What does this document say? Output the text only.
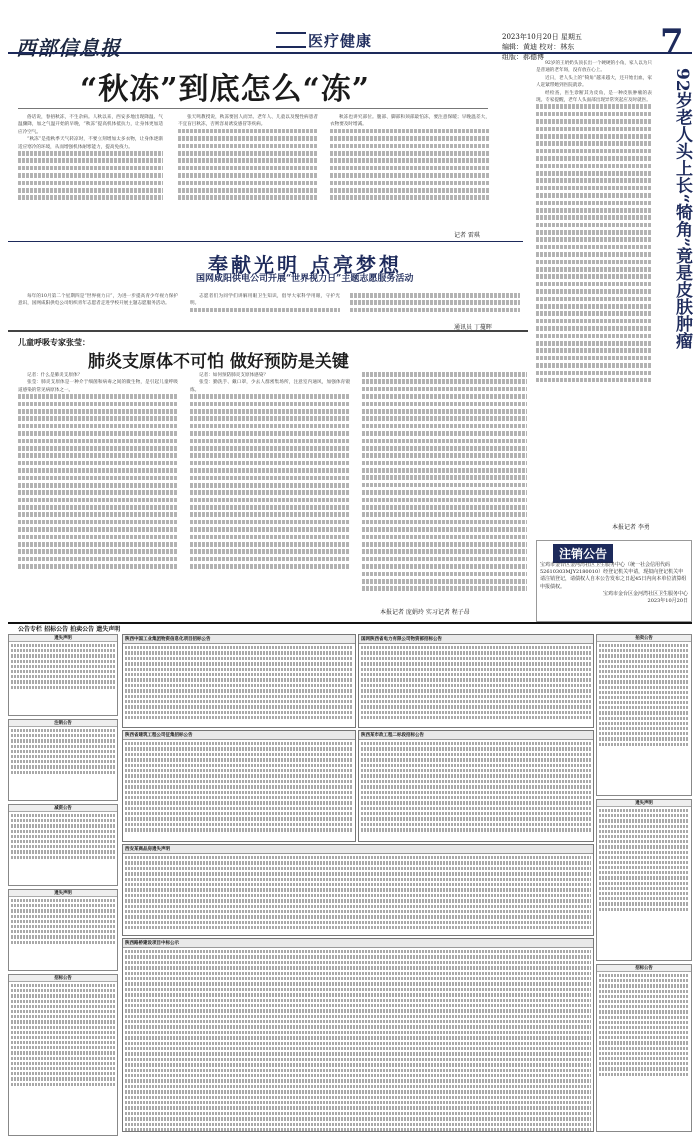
西部信息报	医疗健康	2023年10月20日 星期五
编辑：黄迪 校对：林东
组版：郝德博	7
“秋冻”到底怎么“冻”

俗话说，春捂秋冻，不生杂病。人秋以来，西安多地出现降温、气温骤降，加之气温开始的早晚，“秋冻”提高机体抵抗力，让身体更加适应冷空气。

“秋冻”是指秋季天气转凉时，不要立刻增加太多衣物，让身体逐渐适应寒冷的环境，从而增强机体耐寒能力，提高免疫力。

张天鸣教授说，秋冻要因人而异。老年人、儿童以及慢性病患者不宜盲目秋冻，否则容易诱发感冒等疾病。

秋冻也讲究部位。腹部、脚部和颈部最怕冻，要注意保暖；早晚温差大，衣物要及时增减。

记者 雷琪

92岁的王奶奶头顶长出一个硬硬的小角，家人以为只是普通的老年斑，没有放在心上。

近日，老人头上的“犄角”越来越大，还开始出血，家人赶紧带她到医院就诊。

经检查，医生诊断其为皮角，是一种皮肤肿瘤的表现。专家提醒，老年人头面部出现异常突起应及时就医。	92岁老人头上长“犄角”竟是皮肤肿瘤
本报记者 李勇
奉献光明 点亮梦想
国网咸阳供电公司开展“世界视力日”主题志愿服务活动

每年的10月第二个星期四是“世界视力日”，为进一步提高青少年视力保护意识，国网咸阳供电公司组织青年志愿者走进学校开展主题志愿服务活动。

志愿者们为同学们讲解用眼卫生知识，倡导大家科学用眼，守护光明。

通讯员 丁蔓晖
儿童呼吸专家张莹：
肺炎支原体不可怕 做好预防是关键

记者：什么是肺炎支原体？

张莹：肺炎支原体是一种介于细菌和病毒之间的微生物，是引起儿童呼吸道感染的常见病原体之一。

记者：如何预防肺炎支原体感染？

张莹：勤洗手、戴口罩，少去人群密集场所，注意室内通风，加强体育锻炼。

本报记者 庞娟玲 实习记者 程子昂
注销公告
宝鸡市金台区金河湾社区卫生服务中心（统一社会信用代码52610303MJY2180010）经登记机关申请，现拟向登记机关申请注销登记，请债权人自本公告发布之日起45日内向本单位清算组申报债权。
宝鸡市金台区金河湾社区卫生服务中心
2023年10月20日
公告专栏 招标公告 拍卖公告 遗失声明
遗失声明
注销公告
减资公告
遗失声明
招标公告
陕西中国工业集团物资信息化项目招标公告	国网陕西省电力有限公司物资部招标公告
陕西省建筑工程公司征集招标公告	陕西某市政工程二标段招标公告
西安某商品房遗失声明
陕西路桥建设项目中标公示
拍卖公告
遗失声明
招标公告
